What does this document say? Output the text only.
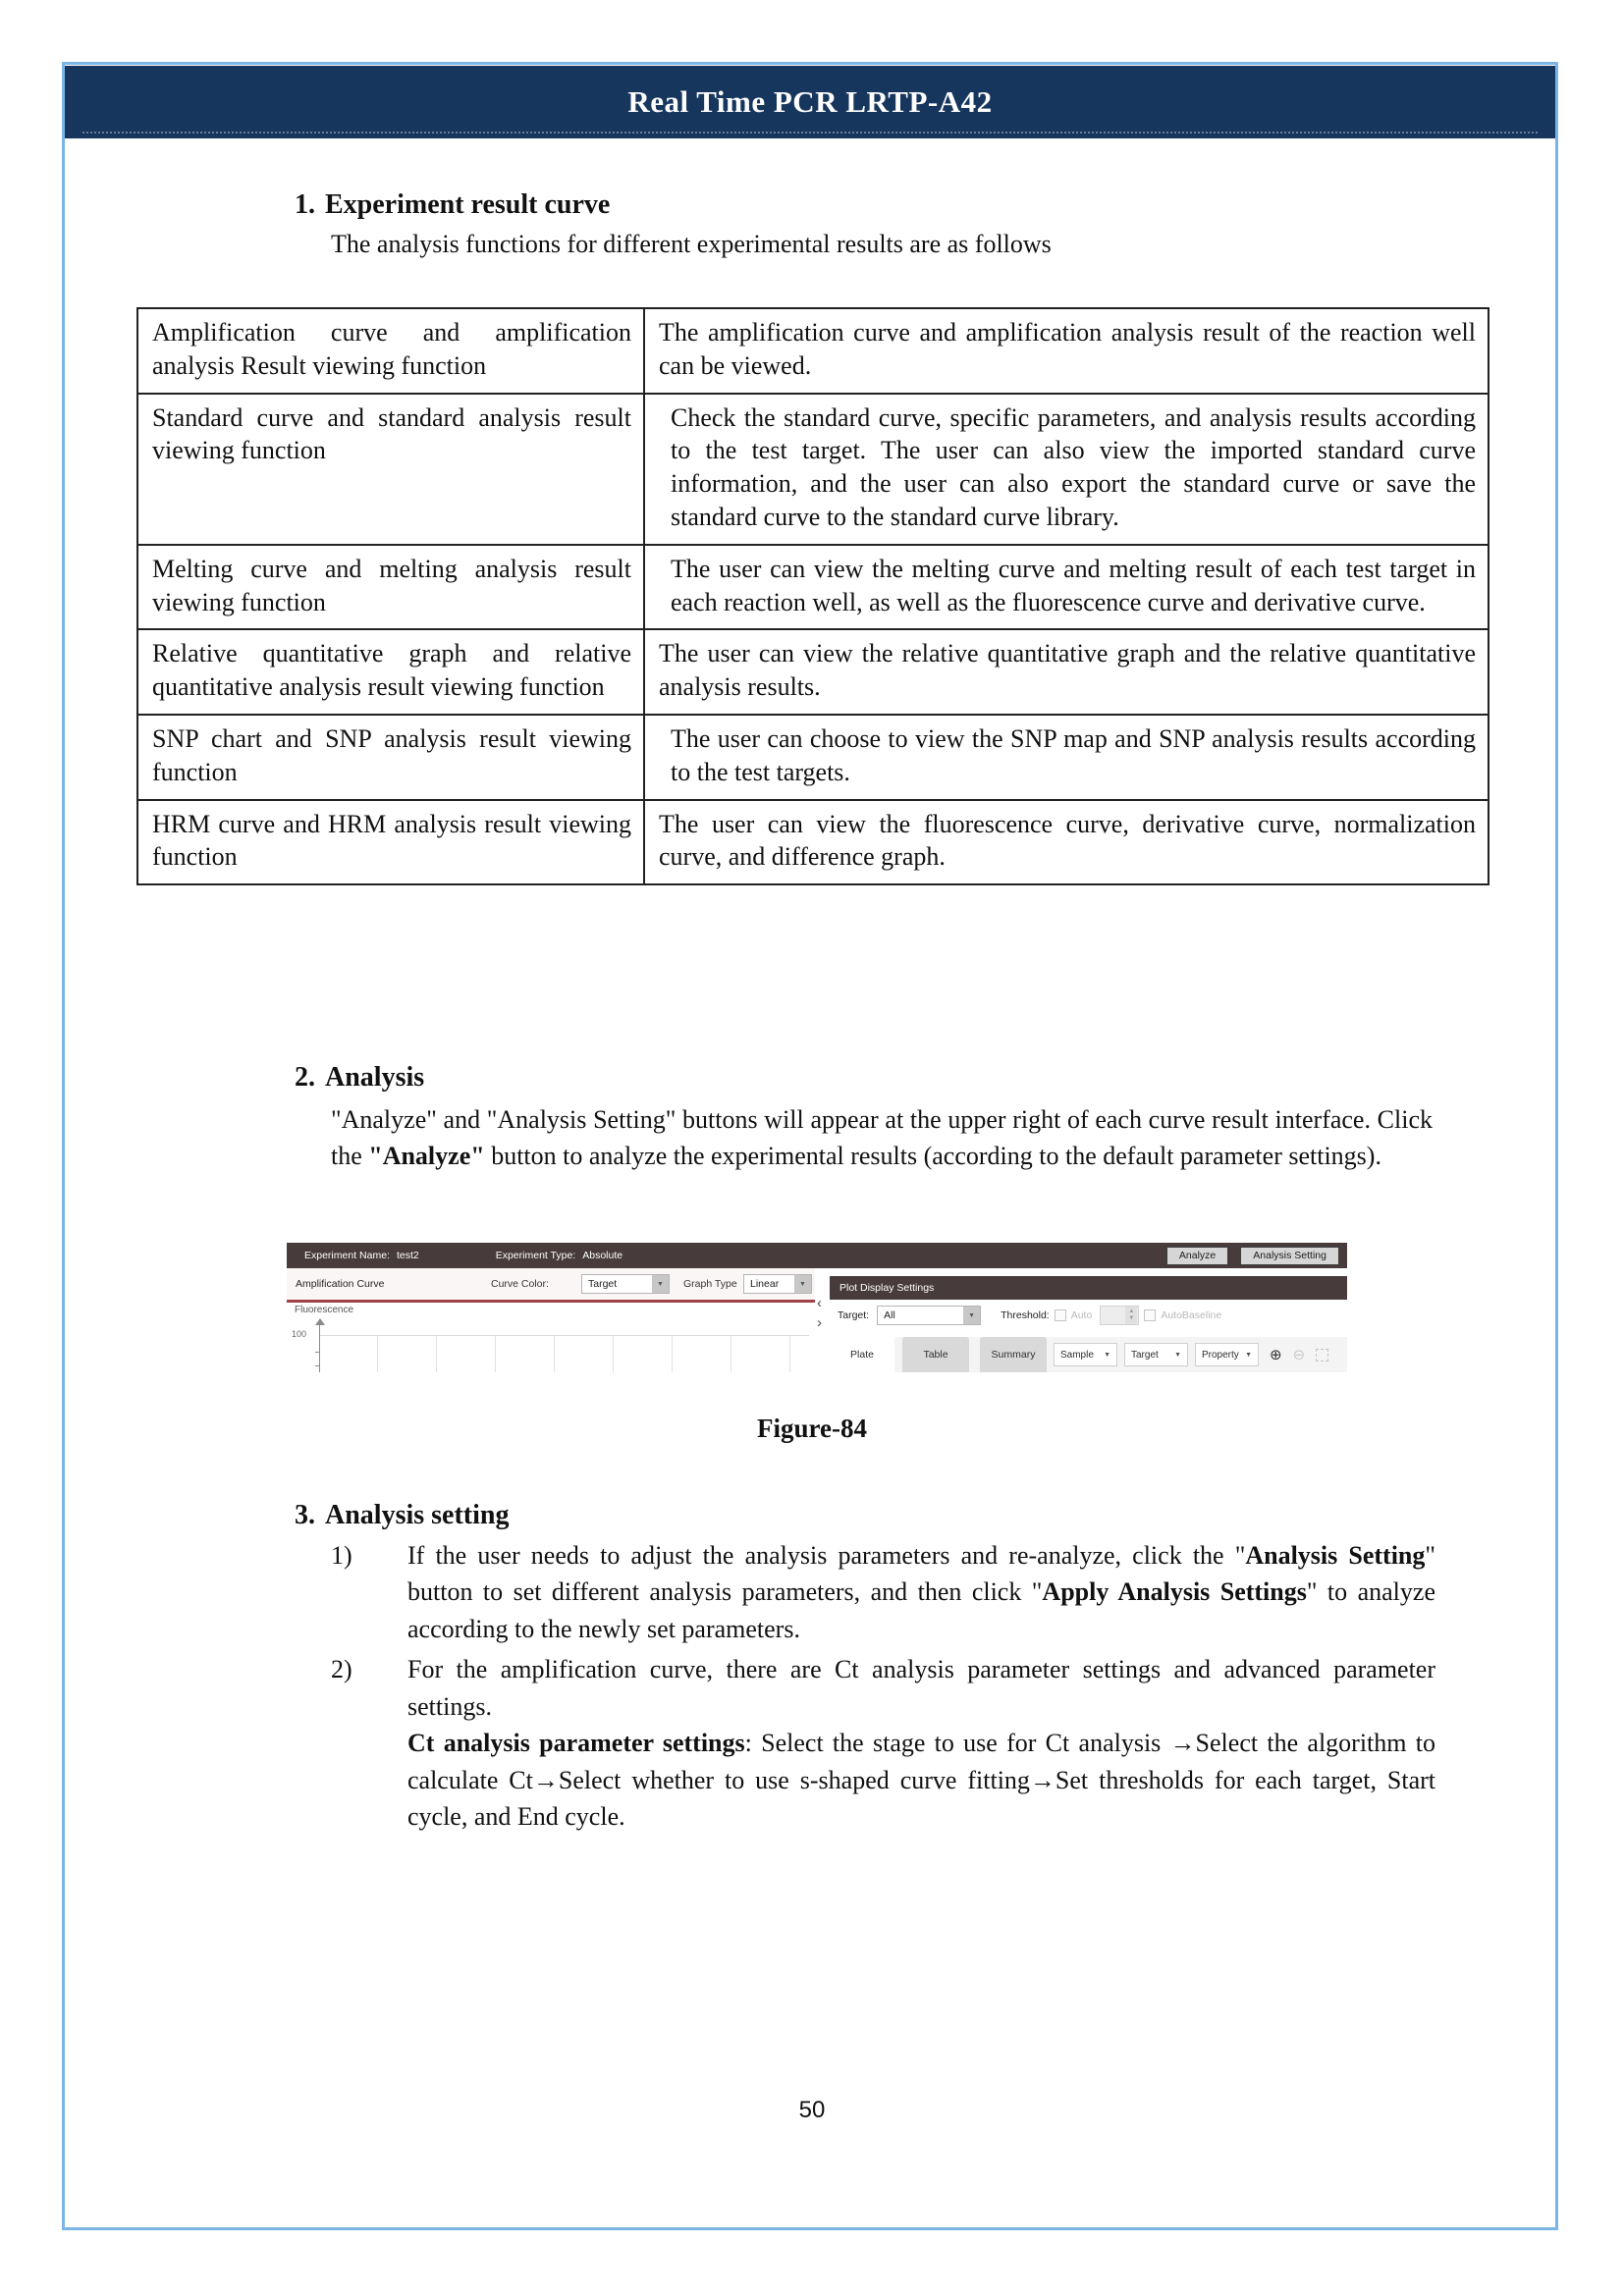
Real Time PCR LRTP-A42
1. Experiment result curve
The analysis functions for different experimental results are as follows
Amplification curve and amplification analysis Result viewing function	The amplification curve and amplification analysis result of the reaction well can be viewed.
Standard curve and standard analysis result viewing function	Check the standard curve, specific parameters, and analysis results according to the test target. The user can also view the imported standard curve information, and the user can also export the standard curve or save the standard curve to the standard curve library.
Melting curve and melting analysis result viewing function	The user can view the melting curve and melting result of each test target in each reaction well, as well as the fluorescence curve and derivative curve.
Relative quantitative graph and relative quantitative analysis result viewing function	The user can view the relative quantitative graph and the relative quantitative analysis results.
SNP chart and SNP analysis result viewing function	The user can choose to view the SNP map and SNP analysis results according to the test targets.
HRM curve and HRM analysis result viewing function	The user can view the fluorescence curve, derivative curve, normalization curve, and difference graph.
2. Analysis
"Analyze" and "Analysis Setting" buttons will appear at the upper right of each curve result interface. Click the "Analyze" button to analyze the experimental results (according to the default parameter settings).
Experiment Name: test2	Experiment Type: Absolute	Analyze	Analysis Setting
Amplification Curve	Curve Color:	Target	▼	Graph Type	Linear	▼
Fluorescence
100
‹
›
Plot Display Settings
Target:	All	▼	Threshold: Auto	▲
▼	AutoBaseline
Plate	Table	Summary	Sample ▼ Target ▼ Property ▼ ⊕ ⊖
Figure-84
3. Analysis setting
1)	If the user needs to adjust the analysis parameters and re-analyze, click the "Analysis Setting" button to set different analysis parameters, and then click "Apply Analysis Settings" to analyze according to the newly set parameters.

2)	For the amplification curve, there are Ct analysis parameter settings and advanced parameter settings.

Ct analysis parameter settings: Select the stage to use for Ct analysis →Select the algorithm to calculate Ct→Select whether to use s-shaped curve fitting→Set thresholds for each target, Start cycle, and End cycle.

50
